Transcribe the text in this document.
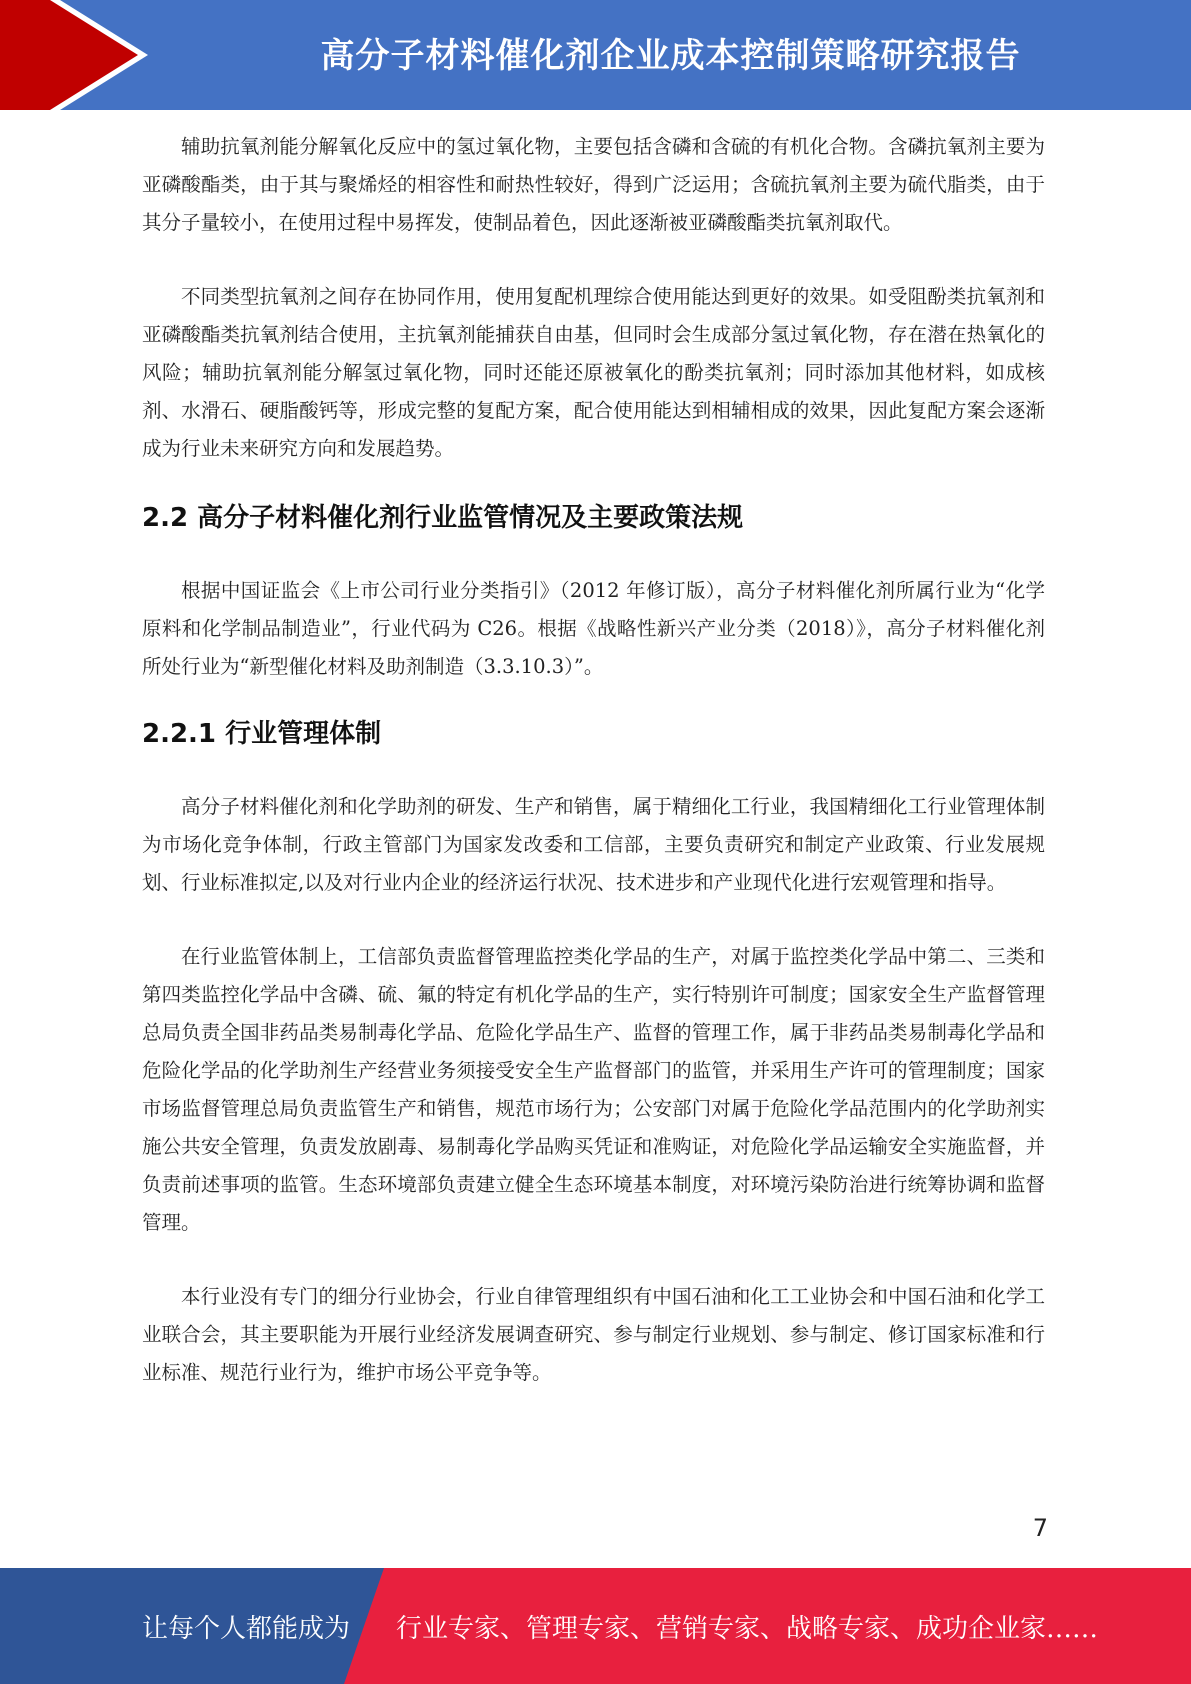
高分子材料催化剂企业成本控制策略研究报告

辅助抗氧剂能分解氧化反应中的氢过氧化物，主要包括含磷和含硫的有机化合物。含磷抗氧剂主要为亚磷酸酯类，由于其与聚烯烃的相容性和耐热性较好，得到广泛运用；含硫抗氧剂主要为硫代脂类，由于其分子量较小，在使用过程中易挥发，使制品着色，因此逐渐被亚磷酸酯类抗氧剂取代。

不同类型抗氧剂之间存在协同作用，使用复配机理综合使用能达到更好的效果。如受阻酚类抗氧剂和亚磷酸酯类抗氧剂结合使用，主抗氧剂能捕获自由基，但同时会生成部分氢过氧化物，存在潜在热氧化的风险；辅助抗氧剂能分解氢过氧化物，同时还能还原被氧化的酚类抗氧剂；同时添加其他材料，如成核剂、水滑石、硬脂酸钙等，形成完整的复配方案，配合使用能达到相辅相成的效果，因此复配方案会逐渐成为行业未来研究方向和发展趋势。

2.2 高分子材料催化剂行业监管情况及主要政策法规

根据中国证监会《上市公司行业分类指引》（2012 年修订版），高分子材料催化剂所属行业为“化学原料和化学制品制造业”，行业代码为 C26。根据《战略性新兴产业分类（2018）》，高分子材料催化剂所处行业为“新型催化材料及助剂制造（3.3.10.3）”。

2.2.1 行业管理体制

高分子材料催化剂和化学助剂的研发、生产和销售，属于精细化工行业，我国精细化工行业管理体制为市场化竞争体制，行政主管部门为国家发改委和工信部，主要负责研究和制定产业政策、行业发展规划、行业标准拟定,以及对行业内企业的经济运行状况、技术进步和产业现代化进行宏观管理和指导。

在行业监管体制上，工信部负责监督管理监控类化学品的生产，对属于监控类化学品中第二、三类和第四类监控化学品中含磷、硫、氟的特定有机化学品的生产，实行特别许可制度；国家安全生产监督管理总局负责全国非药品类易制毒化学品、危险化学品生产、监督的管理工作，属于非药品类易制毒化学品和危险化学品的化学助剂生产经营业务须接受安全生产监督部门的监管，并采用生产许可的管理制度；国家市场监督管理总局负责监管生产和销售，规范市场行为；公安部门对属于危险化学品范围内的化学助剂实施公共安全管理，负责发放剧毒、易制毒化学品购买凭证和准购证，对危险化学品运输安全实施监督，并负责前述事项的监管。生态环境部负责建立健全生态环境基本制度，对环境污染防治进行统筹协调和监督管理。

本行业没有专门的细分行业协会，行业自律管理组织有中国石油和化工工业协会和中国石油和化学工业联合会，其主要职能为开展行业经济发展调查研究、参与制定行业规划、参与制定、修订国家标准和行业标准、规范行业行为，维护市场公平竞争等。

7
让每个人都能成为 行业专家、管理专家、营销专家、战略专家、成功企业家……
